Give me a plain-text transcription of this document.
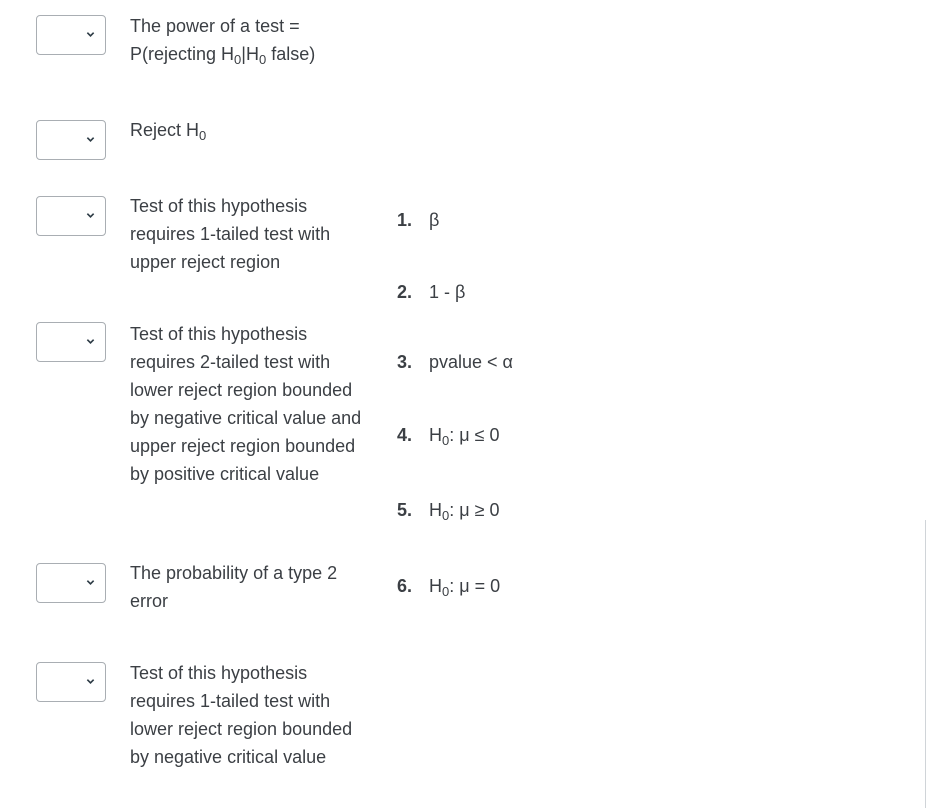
The power of a test =
P(rejecting $H_0|H_0$ false)
Reject $H_0$
Test of this hypothesis requires 1-tailed test with upper reject region
Test of this hypothesis requires 2-tailed test with lower reject region bounded by negative critical value and upper reject region bounded by positive critical value
The probability of a type 2 error
Test of this hypothesis requires 1-tailed test with lower reject region bounded by negative critical value
1. β
2. 1 - β
3. pvalue < α
4. $H_0$: μ ≤ 0
5. $H_0$: μ ≥ 0
6. $H_0$: μ = 0
